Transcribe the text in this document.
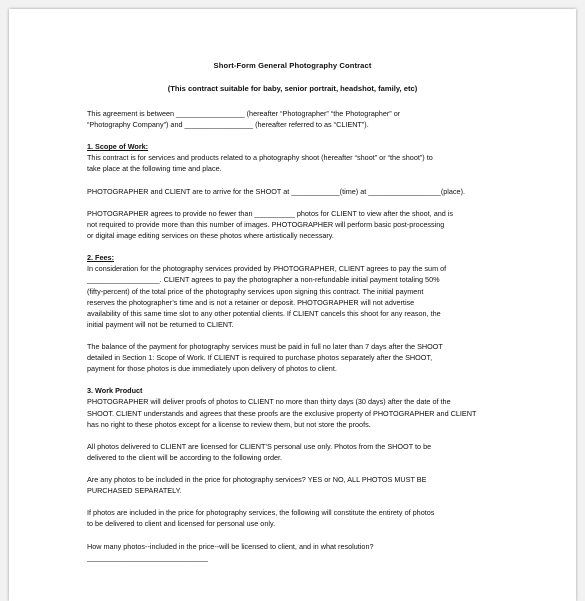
Short-Form General Photography Contract
(This contract suitable for baby, senior portrait, headshot, family, etc)
This agreement is between _________________ (hereafter “Photographer” “the Photographer” or
“Photography Company”) and _________________ (hereafter referred to as “CLIENT”).
1. Scope of Work:
This contract is for services and products related to a photography shoot (hereafter “shoot” or “the shoot”) to
take place at the following time and place.
PHOTOGRAPHER and CLIENT are to arrive for the SHOOT at ____________(time) at __________________(place).
PHOTOGRAPHER agrees to provide no fewer than __________ photos for CLIENT to view after the shoot, and is
not required to provide more than this number of images. PHOTOGRAPHER will perform basic post-processing
or digital image editing services on these photos where artistically necessary.
2. Fees:
In consideration for the photography services provided by PHOTOGRAPHER, CLIENT agrees to pay the sum of
__________________. CLIENT agrees to pay the photographer a non-refundable initial payment totaling 50%
(fifty-percent) of the total price of the photography services upon signing this contract. The initial payment
reserves the photographer’s time and is not a retainer or deposit. PHOTOGRAPHER will not advertise
availability of this same time slot to any other potential clients. If CLIENT cancels this shoot for any reason, the
initial payment will not be returned to CLIENT.
The balance of the payment for photography services must be paid in full no later than 7 days after the SHOOT
detailed in Section 1: Scope of Work. If CLIENT is required to purchase photos separately after the SHOOT,
payment for those photos is due immediately upon delivery of photos to client.
3. Work Product
PHOTOGRAPHER will deliver proofs of photos to CLIENT no more than thirty days (30 days) after the date of the
SHOOT. CLIENT understands and agrees that these proofs are the exclusive property of PHOTOGRAPHER and CLIENT
has no right to these photos except for a license to review them, but not store the proofs.
All photos delivered to CLIENT are licensed for CLIENT’S personal use only. Photos from the SHOOT to be
delivered to the client will be according to the following order.
Are any photos to be included in the price for photography services? YES or NO, ALL PHOTOS MUST BE
PURCHASED SEPARATELY.
If photos are included in the price for photography services, the following will constitute the entirety of photos
to be delivered to client and licensed for personal use only.
How many photos--included in the price--will be licensed to client, and in what resolution?
______________________________
